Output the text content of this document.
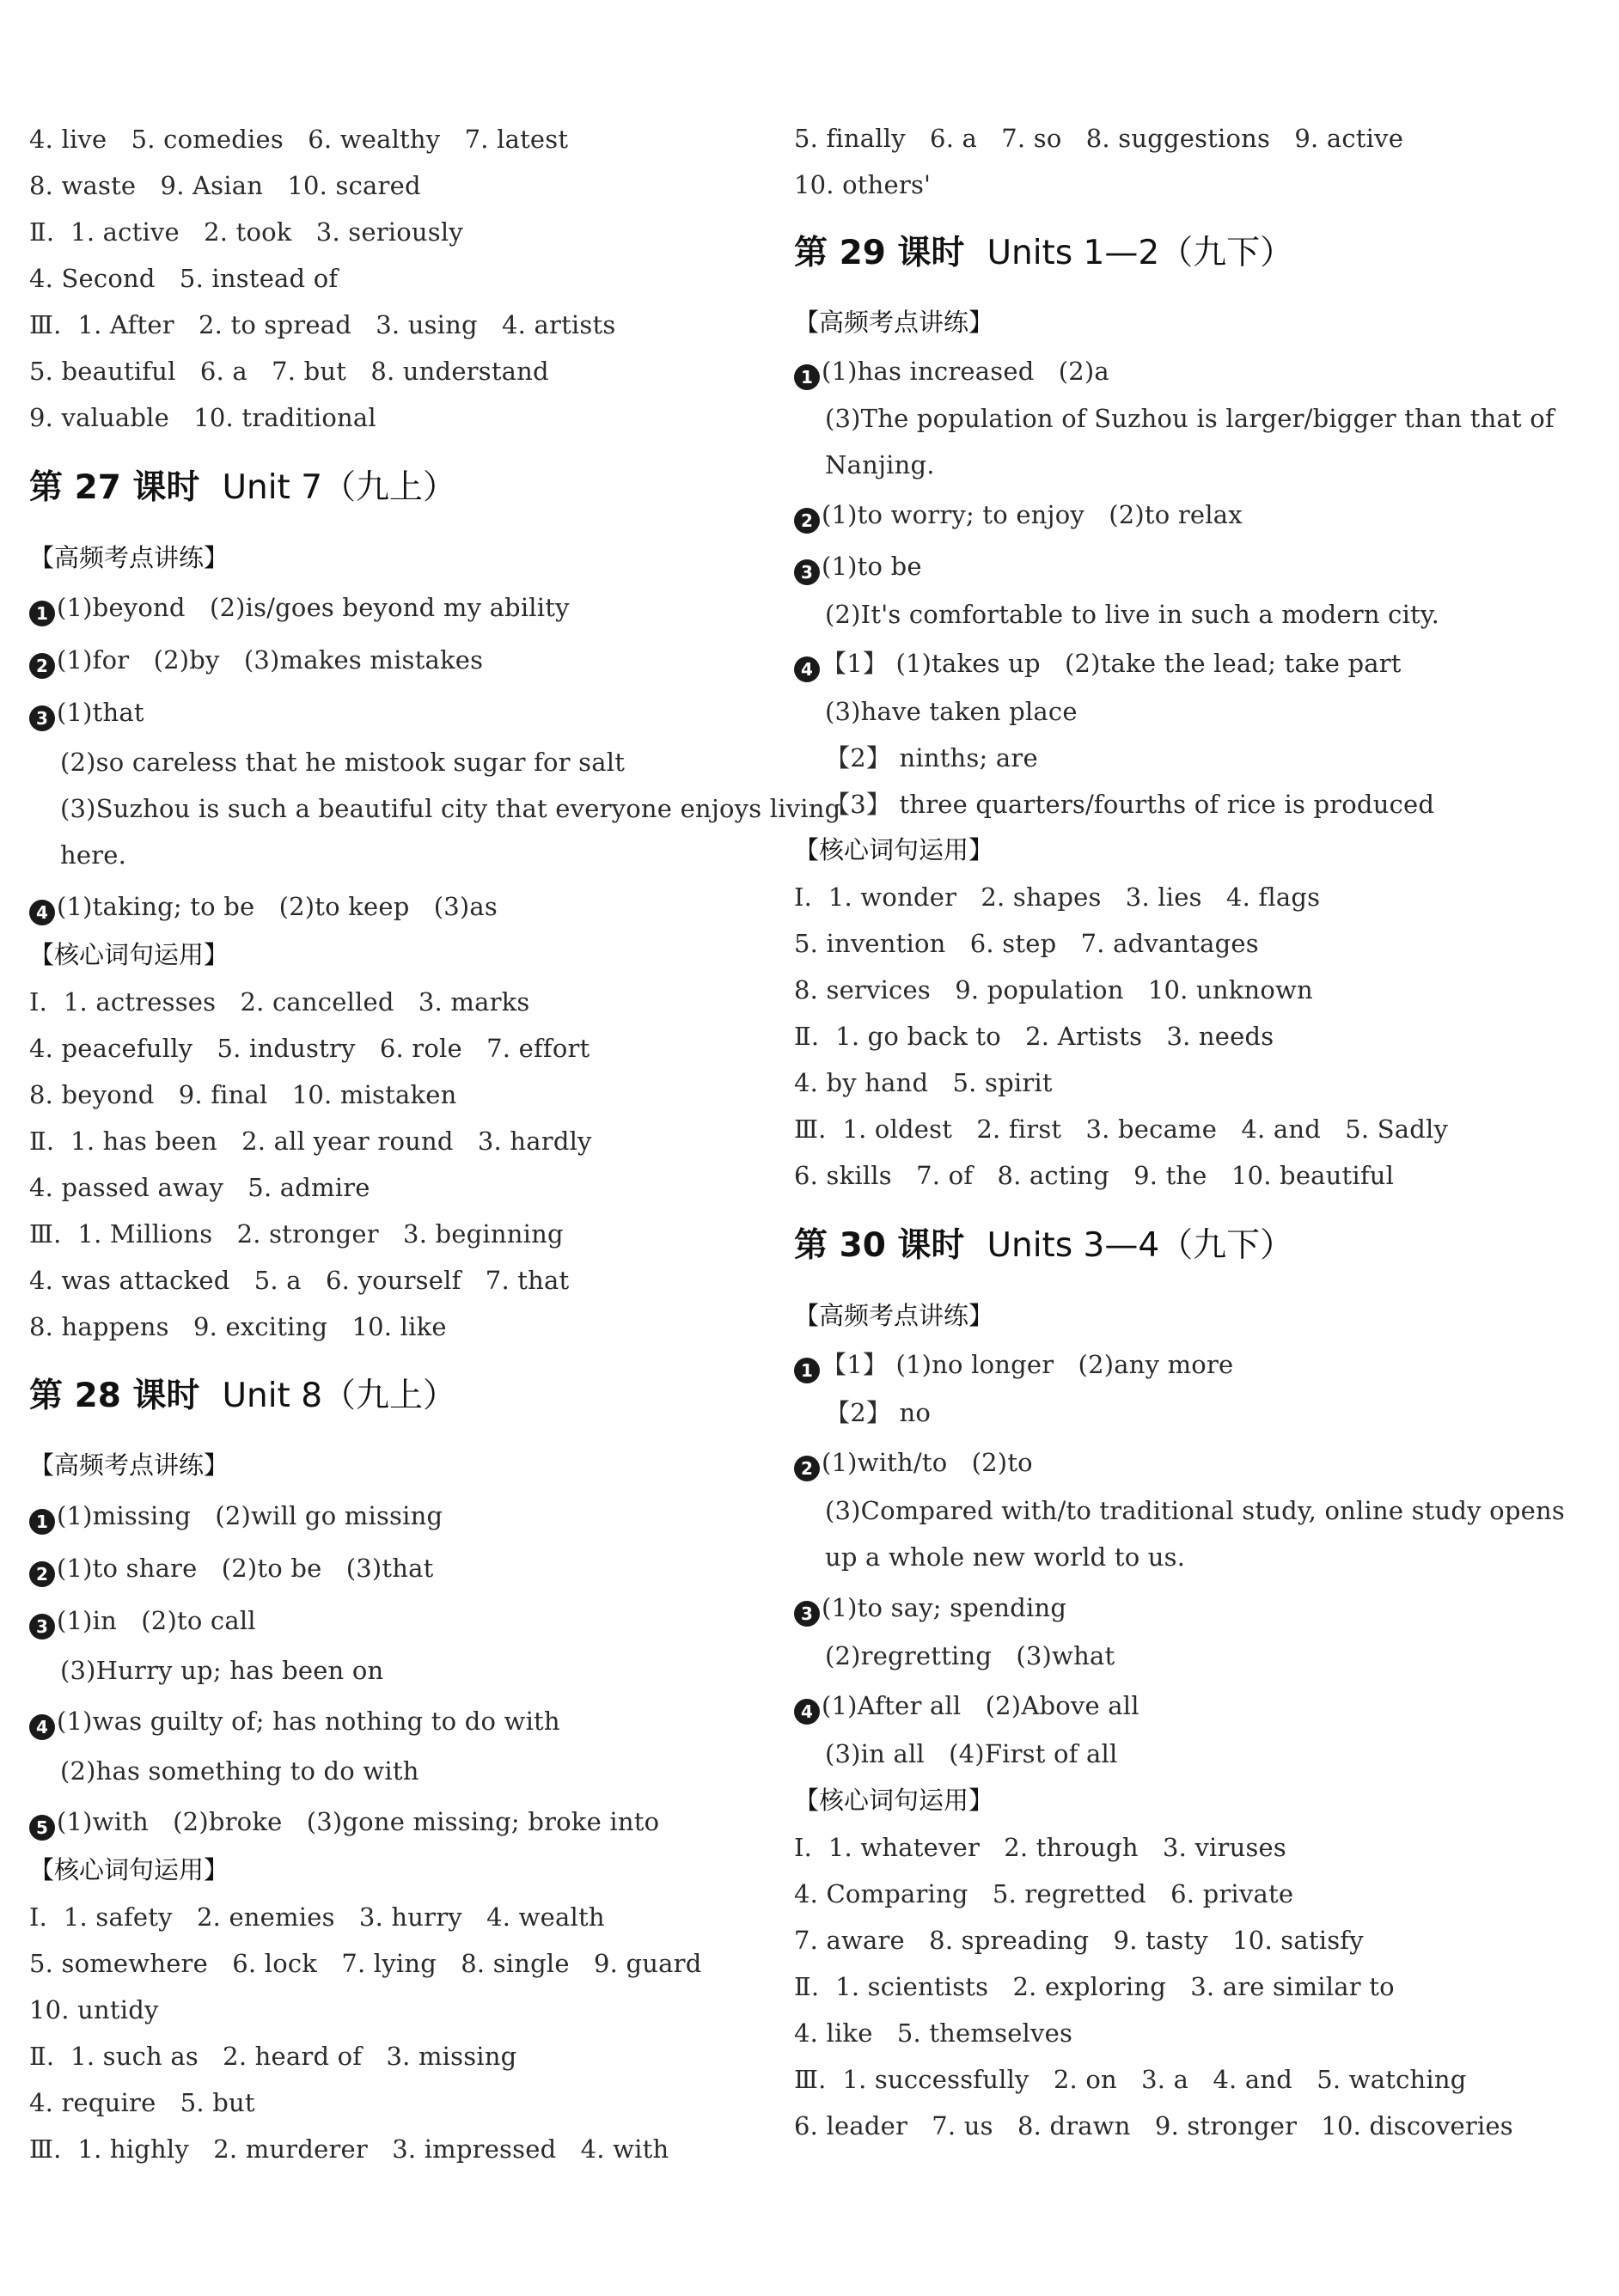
4. live   5. comedies   6. wealthy   7. latest
8. waste   9. Asian   10. scared
Ⅱ.  1. active   2. took   3. seriously
4. Second   5. instead of
Ⅲ.  1. After   2. to spread   3. using   4. artists
5. beautiful   6. a   7. but   8. understand
9. valuable   10. traditional
第 27 课时 Unit 7（九上）
【高频考点讲练】
1 (1)beyond   (2)is/goes beyond my ability
2 (1)for   (2)by   (3)makes mistakes
3 (1)that
(2)so careless that he mistook sugar for salt
(3)Suzhou is such a beautiful city that everyone enjoys living
here.
4 (1)taking; to be   (2)to keep   (3)as
【核心词句运用】
Ⅰ.  1. actresses   2. cancelled   3. marks
4. peacefully   5. industry   6. role   7. effort
8. beyond   9. final   10. mistaken
Ⅱ.  1. has been   2. all year round   3. hardly
4. passed away   5. admire
Ⅲ.  1. Millions   2. stronger   3. beginning
4. was attacked   5. a   6. yourself   7. that
8. happens   9. exciting   10. like
第 28 课时 Unit 8（九上）
【高频考点讲练】
1 (1)missing   (2)will go missing
2 (1)to share   (2)to be   (3)that
3 (1)in   (2)to call
(3)Hurry up; has been on
4 (1)was guilty of; has nothing to do with
(2)has something to do with
5 (1)with   (2)broke   (3)gone missing; broke into
【核心词句运用】
Ⅰ.  1. safety   2. enemies   3. hurry   4. wealth
5. somewhere   6. lock   7. lying   8. single   9. guard
10. untidy
Ⅱ.  1. such as   2. heard of   3. missing
4. require   5. but
Ⅲ.  1. highly   2. murderer   3. impressed   4. with
5. finally   6. a   7. so   8. suggestions   9. active
10. others'
第 29 课时 Units 1—2（九下）
【高频考点讲练】
1 (1)has increased   (2)a
(3)The population of Suzhou is larger/bigger than that of
Nanjing.
2 (1)to worry; to enjoy   (2)to relax
3 (1)to be
(2)It's comfortable to live in such a modern city.
4 【1】 (1)takes up   (2)take the lead; take part
(3)have taken place
【2】 ninths; are
【3】 three quarters/fourths of rice is produced
【核心词句运用】
Ⅰ.  1. wonder   2. shapes   3. lies   4. flags
5. invention   6. step   7. advantages
8. services   9. population   10. unknown
Ⅱ.  1. go back to   2. Artists   3. needs
4. by hand   5. spirit
Ⅲ.  1. oldest   2. first   3. became   4. and   5. Sadly
6. skills   7. of   8. acting   9. the   10. beautiful
第 30 课时 Units 3—4（九下）
【高频考点讲练】
1 【1】 (1)no longer   (2)any more
【2】 no
2 (1)with/to   (2)to
(3)Compared with/to traditional study, online study opens
up a whole new world to us.
3 (1)to say; spending
(2)regretting   (3)what
4 (1)After all   (2)Above all
(3)in all   (4)First of all
【核心词句运用】
Ⅰ.  1. whatever   2. through   3. viruses
4. Comparing   5. regretted   6. private
7. aware   8. spreading   9. tasty   10. satisfy
Ⅱ.  1. scientists   2. exploring   3. are similar to
4. like   5. themselves
Ⅲ.  1. successfully   2. on   3. a   4. and   5. watching
6. leader   7. us   8. drawn   9. stronger   10. discoveries
